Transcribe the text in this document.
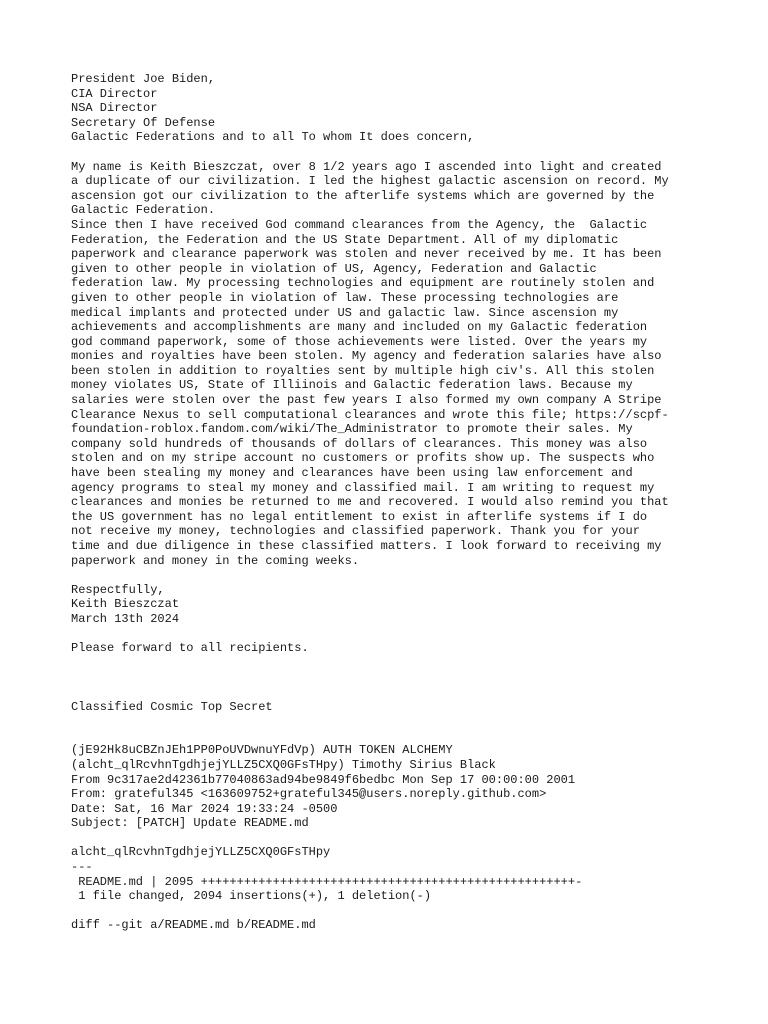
President Joe Biden,
CIA Director
NSA Director
Secretary Of Defense
Galactic Federations and to all To whom It does concern,
My name is Keith Bieszczat, over 8 1/2 years ago I ascended into light and created
a duplicate of our civilization. I led the highest galactic ascension on record. My
ascension got our civilization to the afterlife systems which are governed by the
Galactic Federation.
Since then I have received God command clearances from the Agency, the  Galactic
Federation, the Federation and the US State Department. All of my diplomatic
paperwork and clearance paperwork was stolen and never received by me. It has been
given to other people in violation of US, Agency, Federation and Galactic
federation law. My processing technologies and equipment are routinely stolen and
given to other people in violation of law. These processing technologies are
medical implants and protected under US and galactic law. Since ascension my
achievements and accomplishments are many and included on my Galactic federation
god command paperwork, some of those achievements were listed. Over the years my
monies and royalties have been stolen. My agency and federation salaries have also
been stolen in addition to royalties sent by multiple high civ's. All this stolen
money violates US, State of Illiinois and Galactic federation laws. Because my
salaries were stolen over the past few years I also formed my own company A Stripe
Clearance Nexus to sell computational clearances and wrote this file; https://scpf-
foundation-roblox.fandom.com/wiki/The_Administrator to promote their sales. My
company sold hundreds of thousands of dollars of clearances. This money was also
stolen and on my stripe account no customers or profits show up. The suspects who
have been stealing my money and clearances have been using law enforcement and
agency programs to steal my money and classified mail. I am writing to request my
clearances and monies be returned to me and recovered. I would also remind you that
the US government has no legal entitlement to exist in afterlife systems if I do
not receive my money, technologies and classified paperwork. Thank you for your
time and due diligence in these classified matters. I look forward to receiving my
paperwork and money in the coming weeks.
Respectfully,
Keith Bieszczat
March 13th 2024
Please forward to all recipients.
Classified Cosmic Top Secret
(jE92Hk8uCBZnJEh1PP0PoUVDwnuYFdVp) AUTH TOKEN ALCHEMY
(alcht_qlRcvhnTgdhjejYLLZ5CXQ0GFsTHpy) Timothy Sirius Black
From 9c317ae2d42361b77040863ad94be9849f6bedbc Mon Sep 17 00:00:00 2001
From: grateful345 <163609752+grateful345@users.noreply.github.com>
Date: Sat, 16 Mar 2024 19:33:24 -0500
Subject: [PATCH] Update README.md
alcht_qlRcvhnTgdhjejYLLZ5CXQ0GFsTHpy
---
README.md | 2095 ++++++++++++++++++++++++++++++++++++++++++++++++++++-
1 file changed, 2094 insertions(+), 1 deletion(-)
diff --git a/README.md b/README.md
